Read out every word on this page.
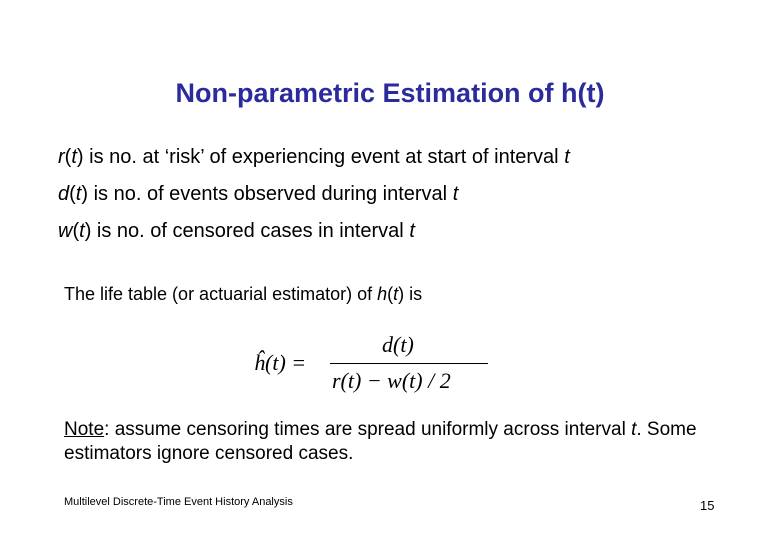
Non-parametric Estimation of h(t)
r(t) is no. at ‘risk’ of experiencing event at start of interval t
d(t) is no. of events observed during interval t
w(t) is no. of censored cases in interval t
The life table (or actuarial estimator) of h(t) is
ĥ(t) =
d(t)
r(t) − w(t) / 2
Note: assume censoring times are spread uniformly across interval t. Some estimators ignore censored cases.
Multilevel Discrete-Time Event History Analysis	15
